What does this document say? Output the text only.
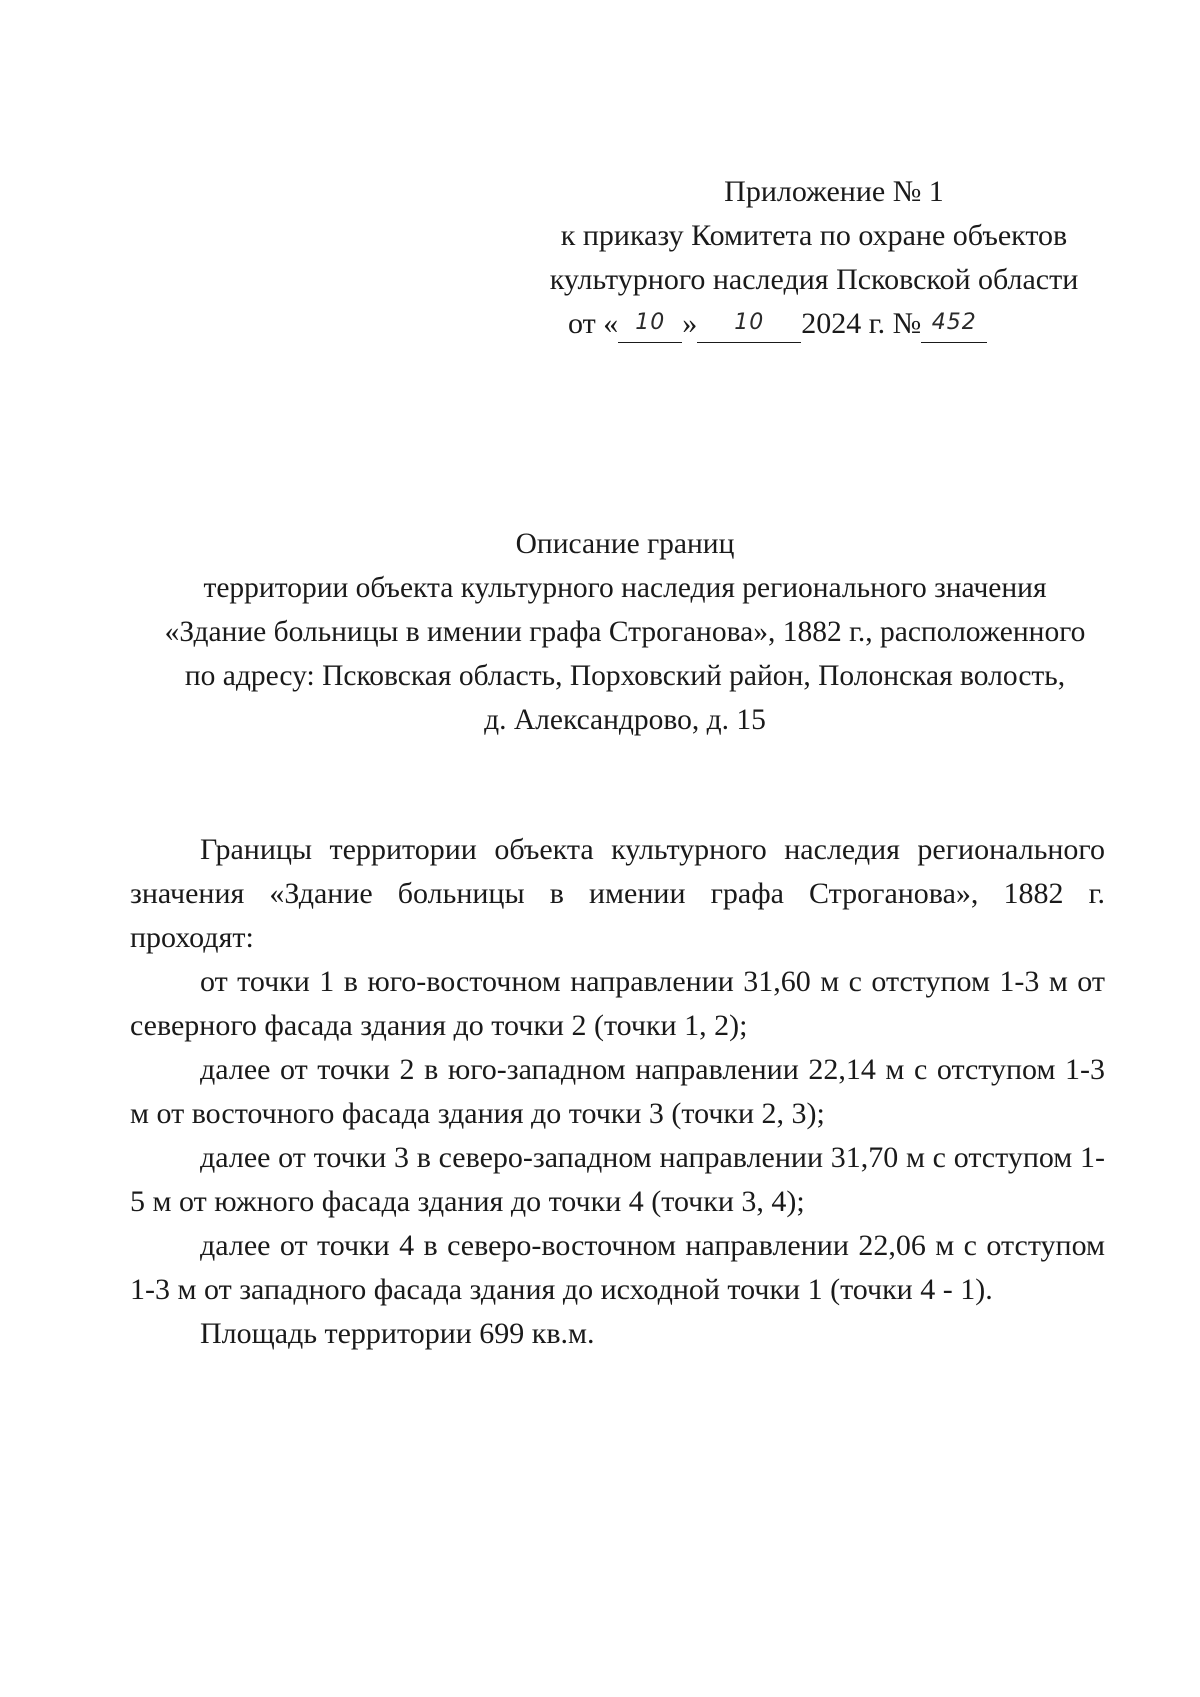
Приложение № 1
к приказу Комитета по охране объектов
культурного наследия Псковской области
от « 10 » 10 2024 г. № 452
Описание границ
территории объекта культурного наследия регионального значения
«Здание больницы в имении графа Строганова», 1882 г., расположенного
по адресу: Псковская область, Порховский район, Полонская волость,
д. Александрово, д. 15
Границы территории объекта культурного наследия регионального
значения «Здание больницы в имении графа Строганова», 1882 г.
проходят:

от точки 1 в юго-восточном направлении 31,60 м с отступом 1-3 м от северного фасада здания до точки 2 (точки 1, 2);

далее от точки 2 в юго-западном направлении 22,14 м с отступом 1-3 м от восточного фасада здания до точки 3 (точки 2, 3);

далее от точки 3 в северо-западном направлении 31,70 м с отступом 1-5 м от южного фасада здания до точки 4 (точки 3, 4);

далее от точки 4 в северо-восточном направлении 22,06 м с отступом 1-3 м от западного фасада здания до исходной точки 1 (точки 4 - 1).

Площадь территории 699 кв.м.
